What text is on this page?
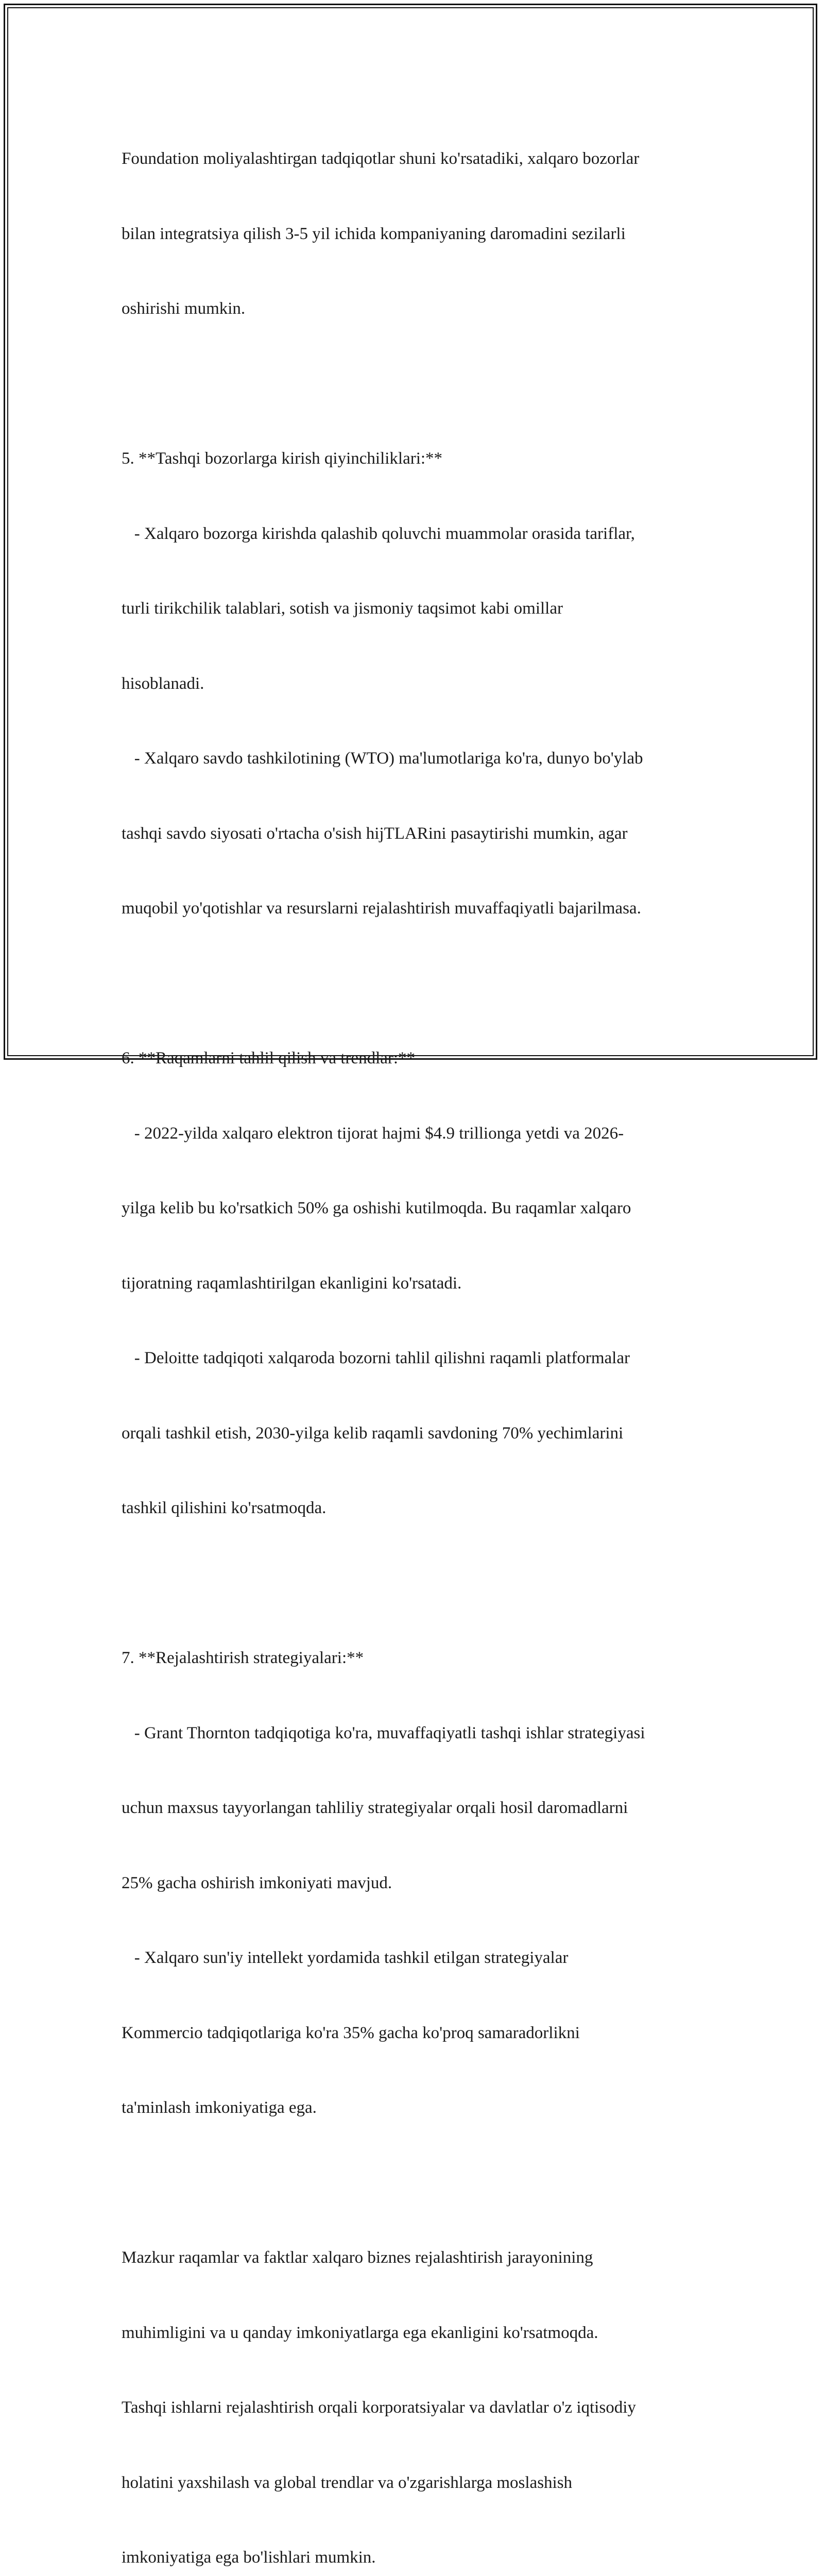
Foundation moliyalashtirgan tadqiqotlar shuni ko'rsatadiki, xalqaro bozorlar

bilan integratsiya qilish 3-5 yil ichida kompaniyaning daromadini sezilarli

oshirishi mumkin.

5. **Tashqi bozorlarga kirish qiyinchiliklari:**

- Xalqaro bozorga kirishda qalashib qoluvchi muammolar orasida tariflar,

turli tirikchilik talablari, sotish va jismoniy taqsimot kabi omillar

hisoblanadi.

- Xalqaro savdo tashkilotining (WTO) ma'lumotlariga ko'ra, dunyo bo'ylab

tashqi savdo siyosati o'rtacha o'sish hijTLARini pasaytirishi mumkin, agar

muqobil yo'qotishlar va resurslarni rejalashtirish muvaffaqiyatli bajarilmasa.

6. **Raqamlarni tahlil qilish va trendlar:**

- 2022-yilda xalqaro elektron tijorat hajmi $4.9 trillionga yetdi va 2026-

yilga kelib bu ko'rsatkich 50% ga oshishi kutilmoqda. Bu raqamlar xalqaro

tijoratning raqamlashtirilgan ekanligini ko'rsatadi.

- Deloitte tadqiqoti xalqaroda bozorni tahlil qilishni raqamli platformalar

orqali tashkil etish, 2030-yilga kelib raqamli savdoning 70% yechimlarini

tashkil qilishini ko'rsatmoqda.

7. **Rejalashtirish strategiyalari:**

- Grant Thornton tadqiqotiga ko'ra, muvaffaqiyatli tashqi ishlar strategiyasi

uchun maxsus tayyorlangan tahliliy strategiyalar orqali hosil daromadlarni

25% gacha oshirish imkoniyati mavjud.

- Xalqaro sun'iy intellekt yordamida tashkil etilgan strategiyalar

Kommercio tadqiqotlariga ko'ra 35% gacha ko'proq samaradorlikni

ta'minlash imkoniyatiga ega.

Mazkur raqamlar va faktlar xalqaro biznes rejalashtirish jarayonining

muhimligini va u qanday imkoniyatlarga ega ekanligini ko'rsatmoqda.

Tashqi ishlarni rejalashtirish orqali korporatsiyalar va davlatlar o'z iqtisodiy

holatini yaxshilash va global trendlar va o'zgarishlarga moslashish

imkoniyatiga ega bo'lishlari mumkin.
